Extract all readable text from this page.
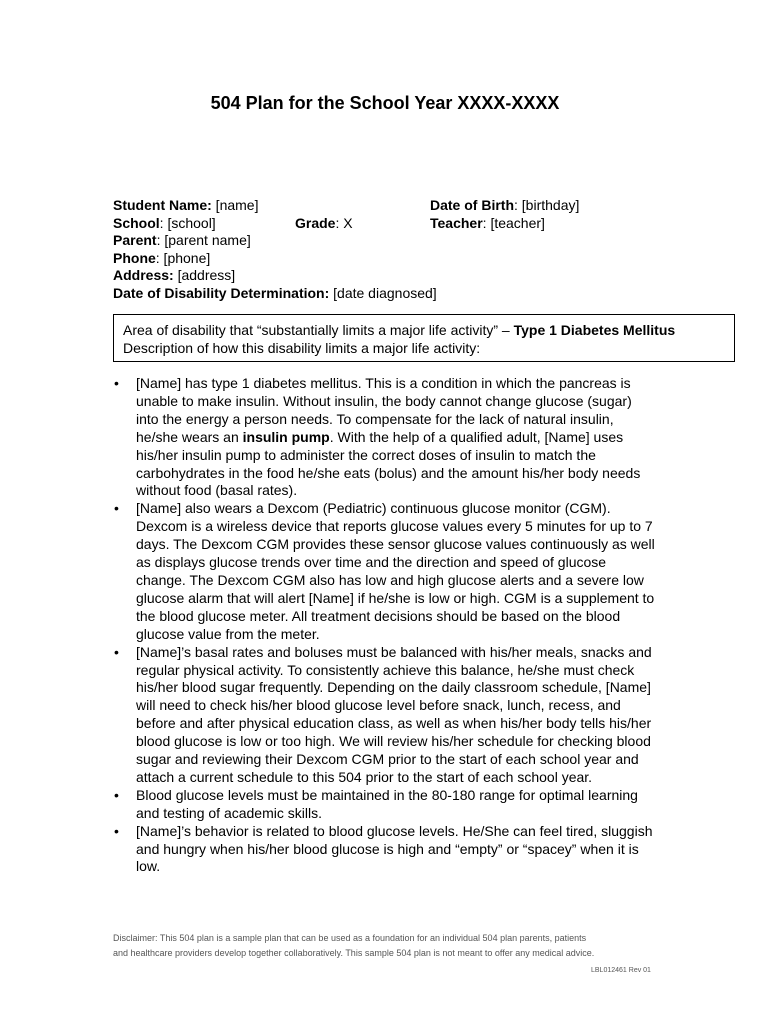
504 Plan for the School Year XXXX-XXXX
Student Name: [name]	Date of Birth: [birthday]
School: [school]	Grade: X	Teacher: [teacher]
Parent: [parent name]
Phone: [phone]
Address: [address]
Date of Disability Determination: [date diagnosed]
Area of disability that “substantially limits a major life activity” – Type 1 Diabetes Mellitus
Description of how this disability limits a major life activity:
• [Name] has type 1 diabetes mellitus. This is a condition in which the pancreas is unable to make insulin. Without insulin, the body cannot change glucose (sugar) into the energy a person needs. To compensate for the lack of natural insulin, he/she wears an insulin pump. With the help of a qualified adult, [Name] uses his/her insulin pump to administer the correct doses of insulin to match the carbohydrates in the food he/she eats (bolus) and the amount his/her body needs without food (basal rates).
• [Name] also wears a Dexcom (Pediatric) continuous glucose monitor (CGM). Dexcom is a wireless device that reports glucose values every 5 minutes for up to 7 days. The Dexcom CGM provides these sensor glucose values continuously as well as displays glucose trends over time and the direction and speed of glucose change. The Dexcom CGM also has low and high glucose alerts and a severe low glucose alarm that will alert [Name] if he/she is low or high. CGM is a supplement to the blood glucose meter. All treatment decisions should be based on the blood glucose value from the meter.
• [Name]’s basal rates and boluses must be balanced with his/her meals, snacks and regular physical activity. To consistently achieve this balance, he/she must check his/her blood sugar frequently. Depending on the daily classroom schedule, [Name] will need to check his/her blood glucose level before snack, lunch, recess, and before and after physical education class, as well as when his/her body tells his/her blood glucose is low or too high. We will review his/her schedule for checking blood sugar and reviewing their Dexcom CGM prior to the start of each school year and attach a current schedule to this 504 prior to the start of each school year.
• Blood glucose levels must be maintained in the 80-180 range for optimal learning and testing of academic skills.
• [Name]’s behavior is related to blood glucose levels. He/She can feel tired, sluggish and hungry when his/her blood glucose is high and “empty” or “spacey” when it is low.
Disclaimer: This 504 plan is a sample plan that can be used as a foundation for an individual 504 plan parents, patients
and healthcare providers develop together collaboratively. This sample 504 plan is not meant to offer any medical advice.
LBL012461 Rev 01
